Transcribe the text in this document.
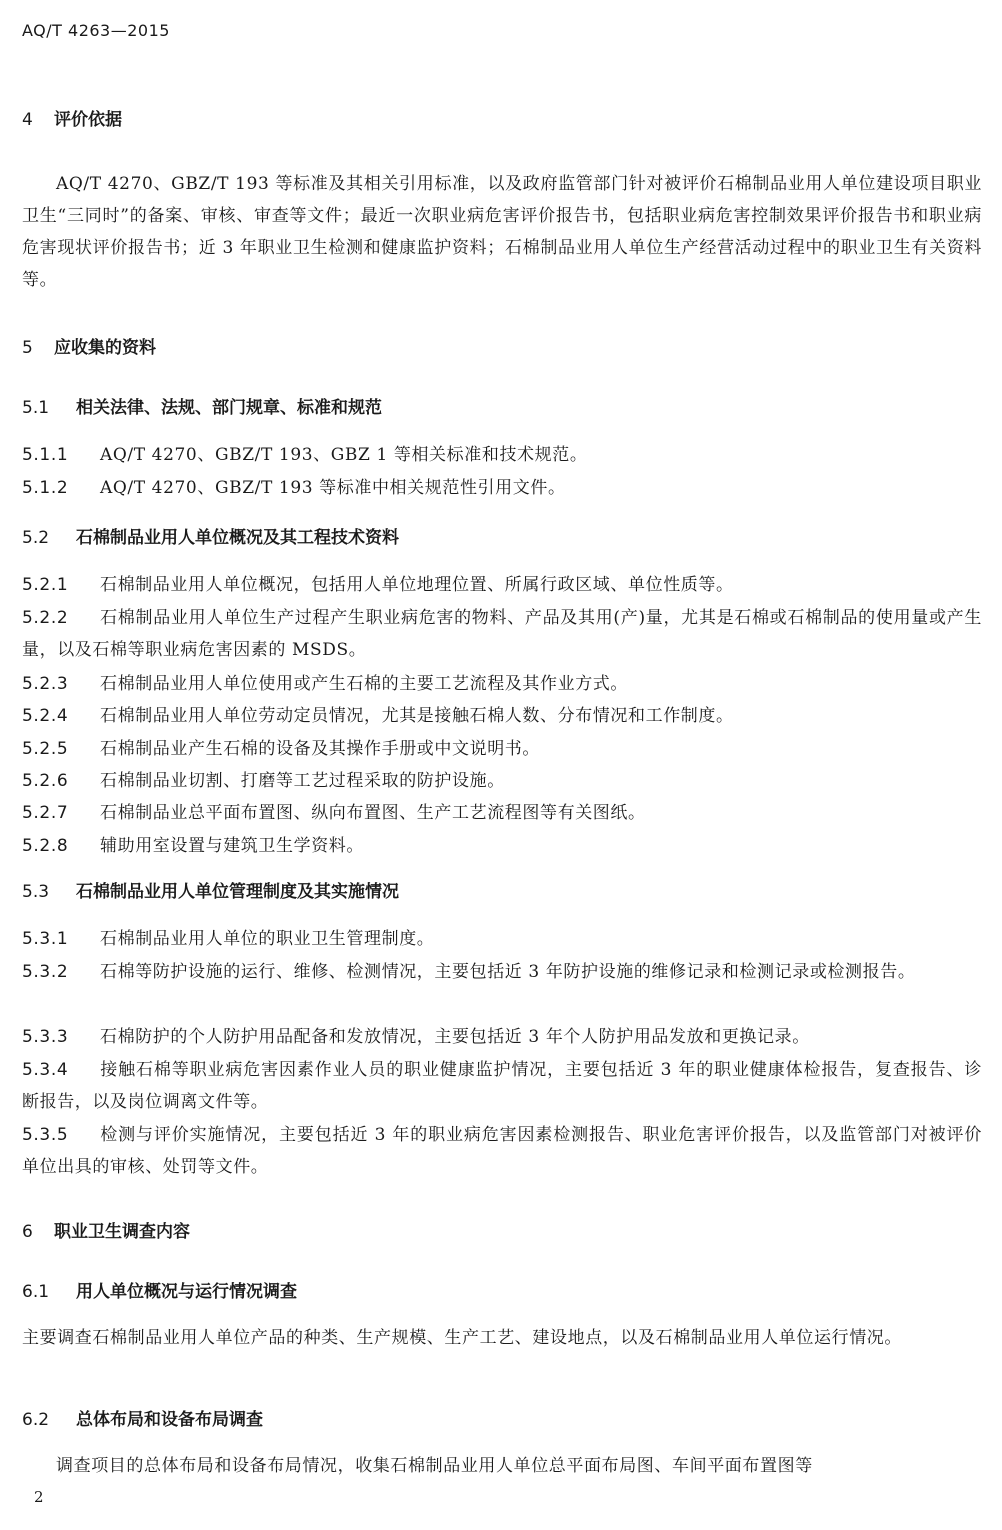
AQ/T 4263—2015
4 评价依据
AQ/T 4270、GBZ/T 193 等标准及其相关引用标准，以及政府监管部门针对被评价石棉制品业用人单位建设项目职业卫生“三同时”的备案、审核、审查等文件；最近一次职业病危害评价报告书，包括职业病危害控制效果评价报告书和职业病危害现状评价报告书；近 3 年职业卫生检测和健康监护资料；石棉制品业用人单位生产经营活动过程中的职业卫生有关资料等。
5 应收集的资料
5.1 相关法律、法规、部门规章、标准和规范
5.1.1 AQ/T 4270、GBZ/T 193、GBZ 1 等相关标准和技术规范。
5.1.2 AQ/T 4270、GBZ/T 193 等标准中相关规范性引用文件。
5.2 石棉制品业用人单位概况及其工程技术资料
5.2.1 石棉制品业用人单位概况，包括用人单位地理位置、所属行政区域、单位性质等。
5.2.2 石棉制品业用人单位生产过程产生职业病危害的物料、产品及其用(产)量，尤其是石棉或石棉制品的使用量或产生量，以及石棉等职业病危害因素的 MSDS。
5.2.3 石棉制品业用人单位使用或产生石棉的主要工艺流程及其作业方式。
5.2.4 石棉制品业用人单位劳动定员情况，尤其是接触石棉人数、分布情况和工作制度。
5.2.5 石棉制品业产生石棉的设备及其操作手册或中文说明书。
5.2.6 石棉制品业切割、打磨等工艺过程采取的防护设施。
5.2.7 石棉制品业总平面布置图、纵向布置图、生产工艺流程图等有关图纸。
5.2.8 辅助用室设置与建筑卫生学资料。
5.3 石棉制品业用人单位管理制度及其实施情况
5.3.1 石棉制品业用人单位的职业卫生管理制度。
5.3.2 石棉等防护设施的运行、维修、检测情况，主要包括近 3 年防护设施的维修记录和检测记录或检测报告。
5.3.3 石棉防护的个人防护用品配备和发放情况，主要包括近 3 年个人防护用品发放和更换记录。
5.3.4 接触石棉等职业病危害因素作业人员的职业健康监护情况，主要包括近 3 年的职业健康体检报告，复查报告、诊断报告，以及岗位调离文件等。
5.3.5 检测与评价实施情况，主要包括近 3 年的职业病危害因素检测报告、职业危害评价报告，以及监管部门对被评价单位出具的审核、处罚等文件。
6 职业卫生调查内容
6.1 用人单位概况与运行情况调查
主要调查石棉制品业用人单位产品的种类、生产规模、生产工艺、建设地点，以及石棉制品业用人单位运行情况。
6.2 总体布局和设备布局调查
调查项目的总体布局和设备布局情况，收集石棉制品业用人单位总平面布局图、车间平面布置图等
2
